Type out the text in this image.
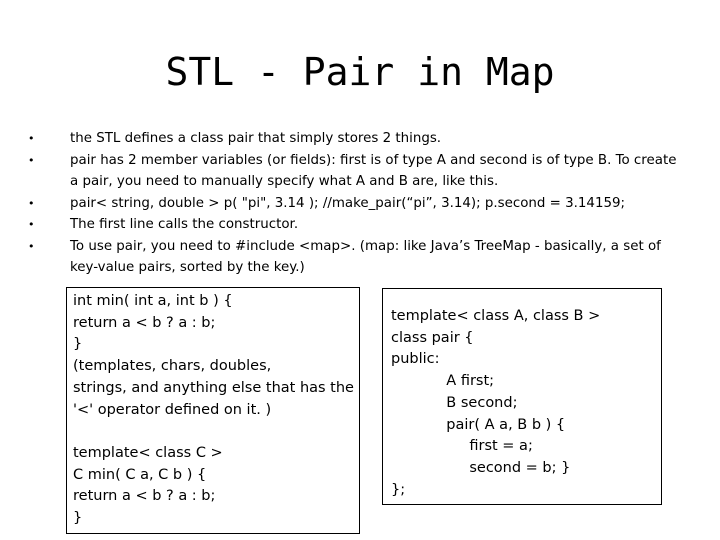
STL - Pair in Map
•	the STL defines a class pair that simply stores 2 things.
•	pair has 2 member variables (or fields): first is of type A and second is of type B. To create a pair, you need to manually specify what A and B are, like this.
•	pair< string, double > p( "pi", 3.14 ); //make_pair(“pi”, 3.14); p.second = 3.14159;
•	The first line calls the constructor.
•	To use pair, you need to #include <map>. (map: like Java’s TreeMap - basically, a set of key-value pairs, sorted by the key.)
int min( int a, int b ) {
return a < b ? a : b;
}
(templates, chars, doubles,
strings, and anything else that has the
'<' operator defined on it. )
template< class C >
C min( C a, C b ) {
return a < b ? a : b;
}
template< class A, class B >
class pair {
public:
A first;
B second;
pair( A a, B b ) {
first = a;
second = b; }
};
